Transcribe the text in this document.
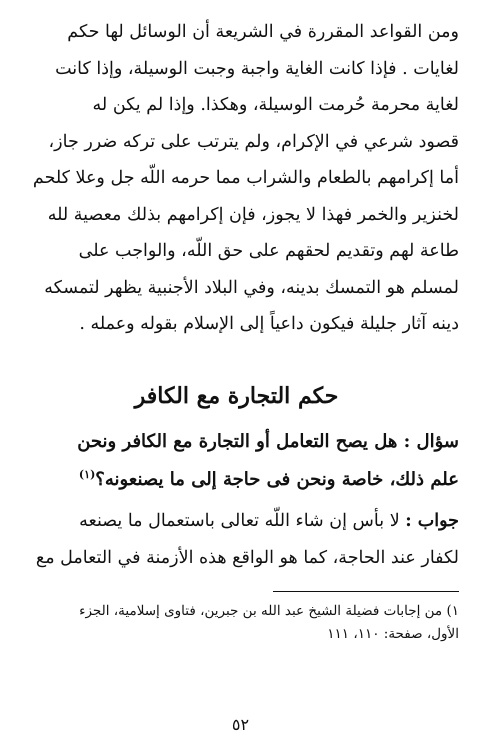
ومن القواعد المقررة في الشريعة أن الوسائل لها حكم
لغايات . فإذا كانت الغاية واجبة وجبت الوسيلة، وإذا كانت
لغاية محرمة حُرمت الوسيلة، وهكذا. وإذا لم يكن له
قصود شرعي في الإكرام، ولم يترتب على تركه ضرر جاز،
أما إكرامهم بالطعام والشراب مما حرمه اللّه جل وعلا كلحم
لخنزير والخمر فهذا لا يجوز، فإن إكرامهم بذلك معصية لله
طاعة لهم وتقديم لحقهم على حق اللّه، والواجب على
لمسلم هو التمسك بدينه، وفي البلاد الأجنبية يظهر لتمسكه
دينه آثار جليلة فيكون داعياً إلى الإسلام بقوله وعمله .
حكم التجارة مع الكافر
سؤال : هل يصح التعامل أو التجارة مع الكافر ونحن
علم ذلك، خاصة ونحن فى حاجة إلى ما يصنعونه؟$^{(١)}$
جواب : لا بأس إن شاء اللّه تعالى باستعمال ما يصنعه
لكفار عند الحاجة، كما هو الواقع هذه الأزمنة في التعامل مع
١) من إجابات فضيلة الشيخ عبد الله بن جبرين، فتاوى إسلامية، الجزء
الأول، صفحة: ١١٠، ١١١
٥٢
